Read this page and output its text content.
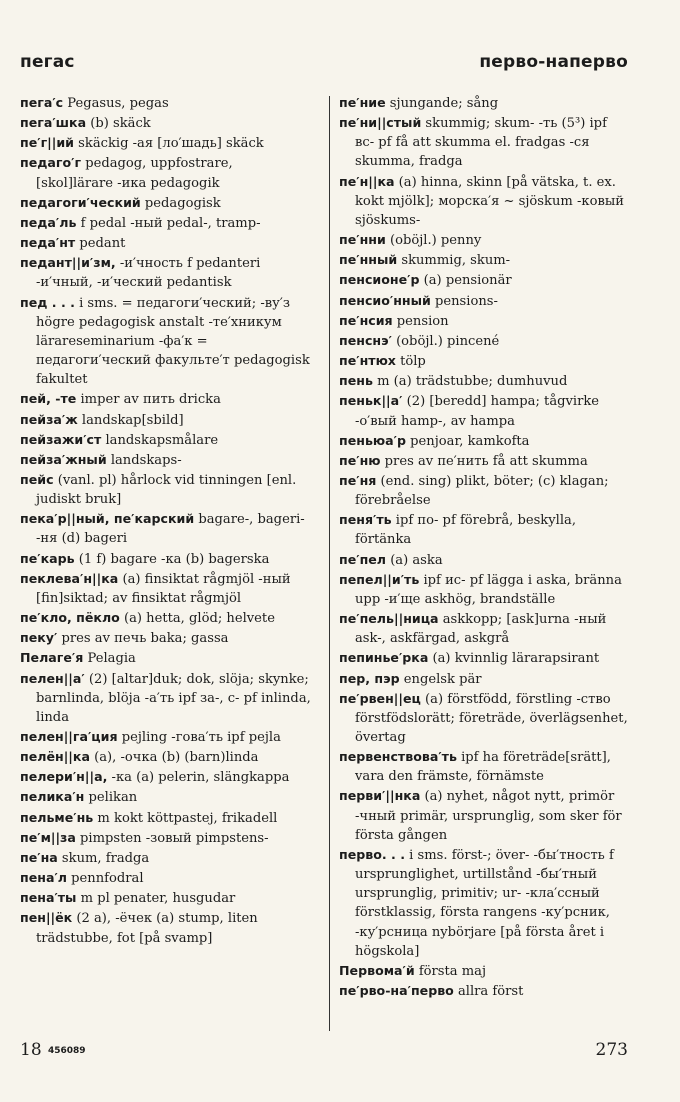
пегас	перво-наперво

пега′с Pegasus, pegas

пега′шка (b) skäck

пе′г||ий skäckig -ая [ло′шадь] skäck

педаго′г pedagog, uppfostrare, [skol]lärare -ика pedagogik

педагоги′ческий pedagogisk

педа′ль f pedal -ный pedal-, tramp-

педа′нт pedant

педант||и′зм, -и′чность f pedanteri -и′чный, -и′ческий pedantisk

пед . . . i sms. = педагоги′ческий; -ву′з högre pedagogisk anstalt -те′хникум lärareseminarium -фа′к = педагоги′ческий факульте′т pedagogisk fakultet

пей, -те imper av пить dricka

пейза′ж landskap[sbild]

пейзажи′ст landskapsmålare

пейза′жный landskaps-

пейс (vanl. pl) hårlock vid tinningen [enl. judiskt bruk]

пека′р||ный, пе′карский bagare-, bageri- -ня (d) bageri

пе′карь (1 f) bagare -ка (b) bagerska

пеклева′н||ка (a) finsiktat rågmjöl -ный [fin]siktad; av finsiktat rågmjöl

пе′кло, пёкло (a) hetta, glöd; helvete

пеку′ pres av печь baka; gassa

Пелаге′я Pelagia

пелен||а′ (2) [altar]duk; dok, slöja; skynke; barnlinda, blöja -а′ть ipf за-, с- pf inlinda, linda

пелен||га′ция pejling -гова′ть ipf pejla

пелён||ка (a), -очка (b) (barn)linda

пелери′н||а, -ка (a) pelerin, slängkappa

пелика′н pelikan

пельме′нь m kokt köttpastej, frikadell

пе′м||за pimpsten -зовый pimpstens-

пе′на skum, fradga

пена′л pennfodral

пена′ты m pl penater, husgudar

пен||ёк (2 a), -ёчек (a) stump, liten trädstubbe, fot [på svamp]

пе′ние sjungande; sång

пе′ни||стый skummig; skum- -ть (5³) ipf вс- pf få att skumma el. fradgas -ся skumma, fradga

пе′н||ка (a) hinna, skinn [på vätska, t. ex. kokt mjölk]; морска′я ~ sjöskum -ковый sjöskums-

пе′нни (oböjl.) penny

пе′нный skummig, skum-

пенсионе′р (a) pensionär

пенсио′нный pensions-

пе′нсия pension

пенснэ′ (oböjl.) pincené

пе′нтюх tölp

пень m (a) trädstubbe; dumhuvud

пеньк||а′ (2) [beredd] hampa; tågvirke -о′вый hamp-, av hampa

пеньюа′р penjoar, kamkofta

пе′ню pres av пе′нить få att skumma

пе′ня (end. sing) plikt, böter; (c) klagan; förebråelse

пеня′ть ipf по- pf förebrå, beskylla, förtänka

пе′пел (a) aska

пепел||и′ть ipf ис- pf lägga i aska, bränna upp -и′ще askhög, brandställe

пе′пель||ница askkopp; [ask]urna -ный ask-, askfärgad, askgrå

пепинье′рка (a) kvinnlig lärarapsirant

пер, пэр engelsk pär

пе′рвен||ец (a) förstfödd, förstling -ство förstfödslorätt; företräde, överlägsenhet, övertag

первенствова′ть ipf ha företräde[srätt], vara den främste, förnämste

перви′||нка (a) nyhet, något nytt, primör -чный primär, ursprunglig, som sker för första gången

перво. . . i sms. först-; över- -бы′тность f ursprunglighet, urtillstånd -бы′тный ursprunglig, primitiv; ur- -кла′ссный förstklassig, första rangens -ку′рсник, -ку′рсница nybörjare [på första året i högskola]

Первома′й första maj

пе′рво-на′перво allra först

18 456089	273
